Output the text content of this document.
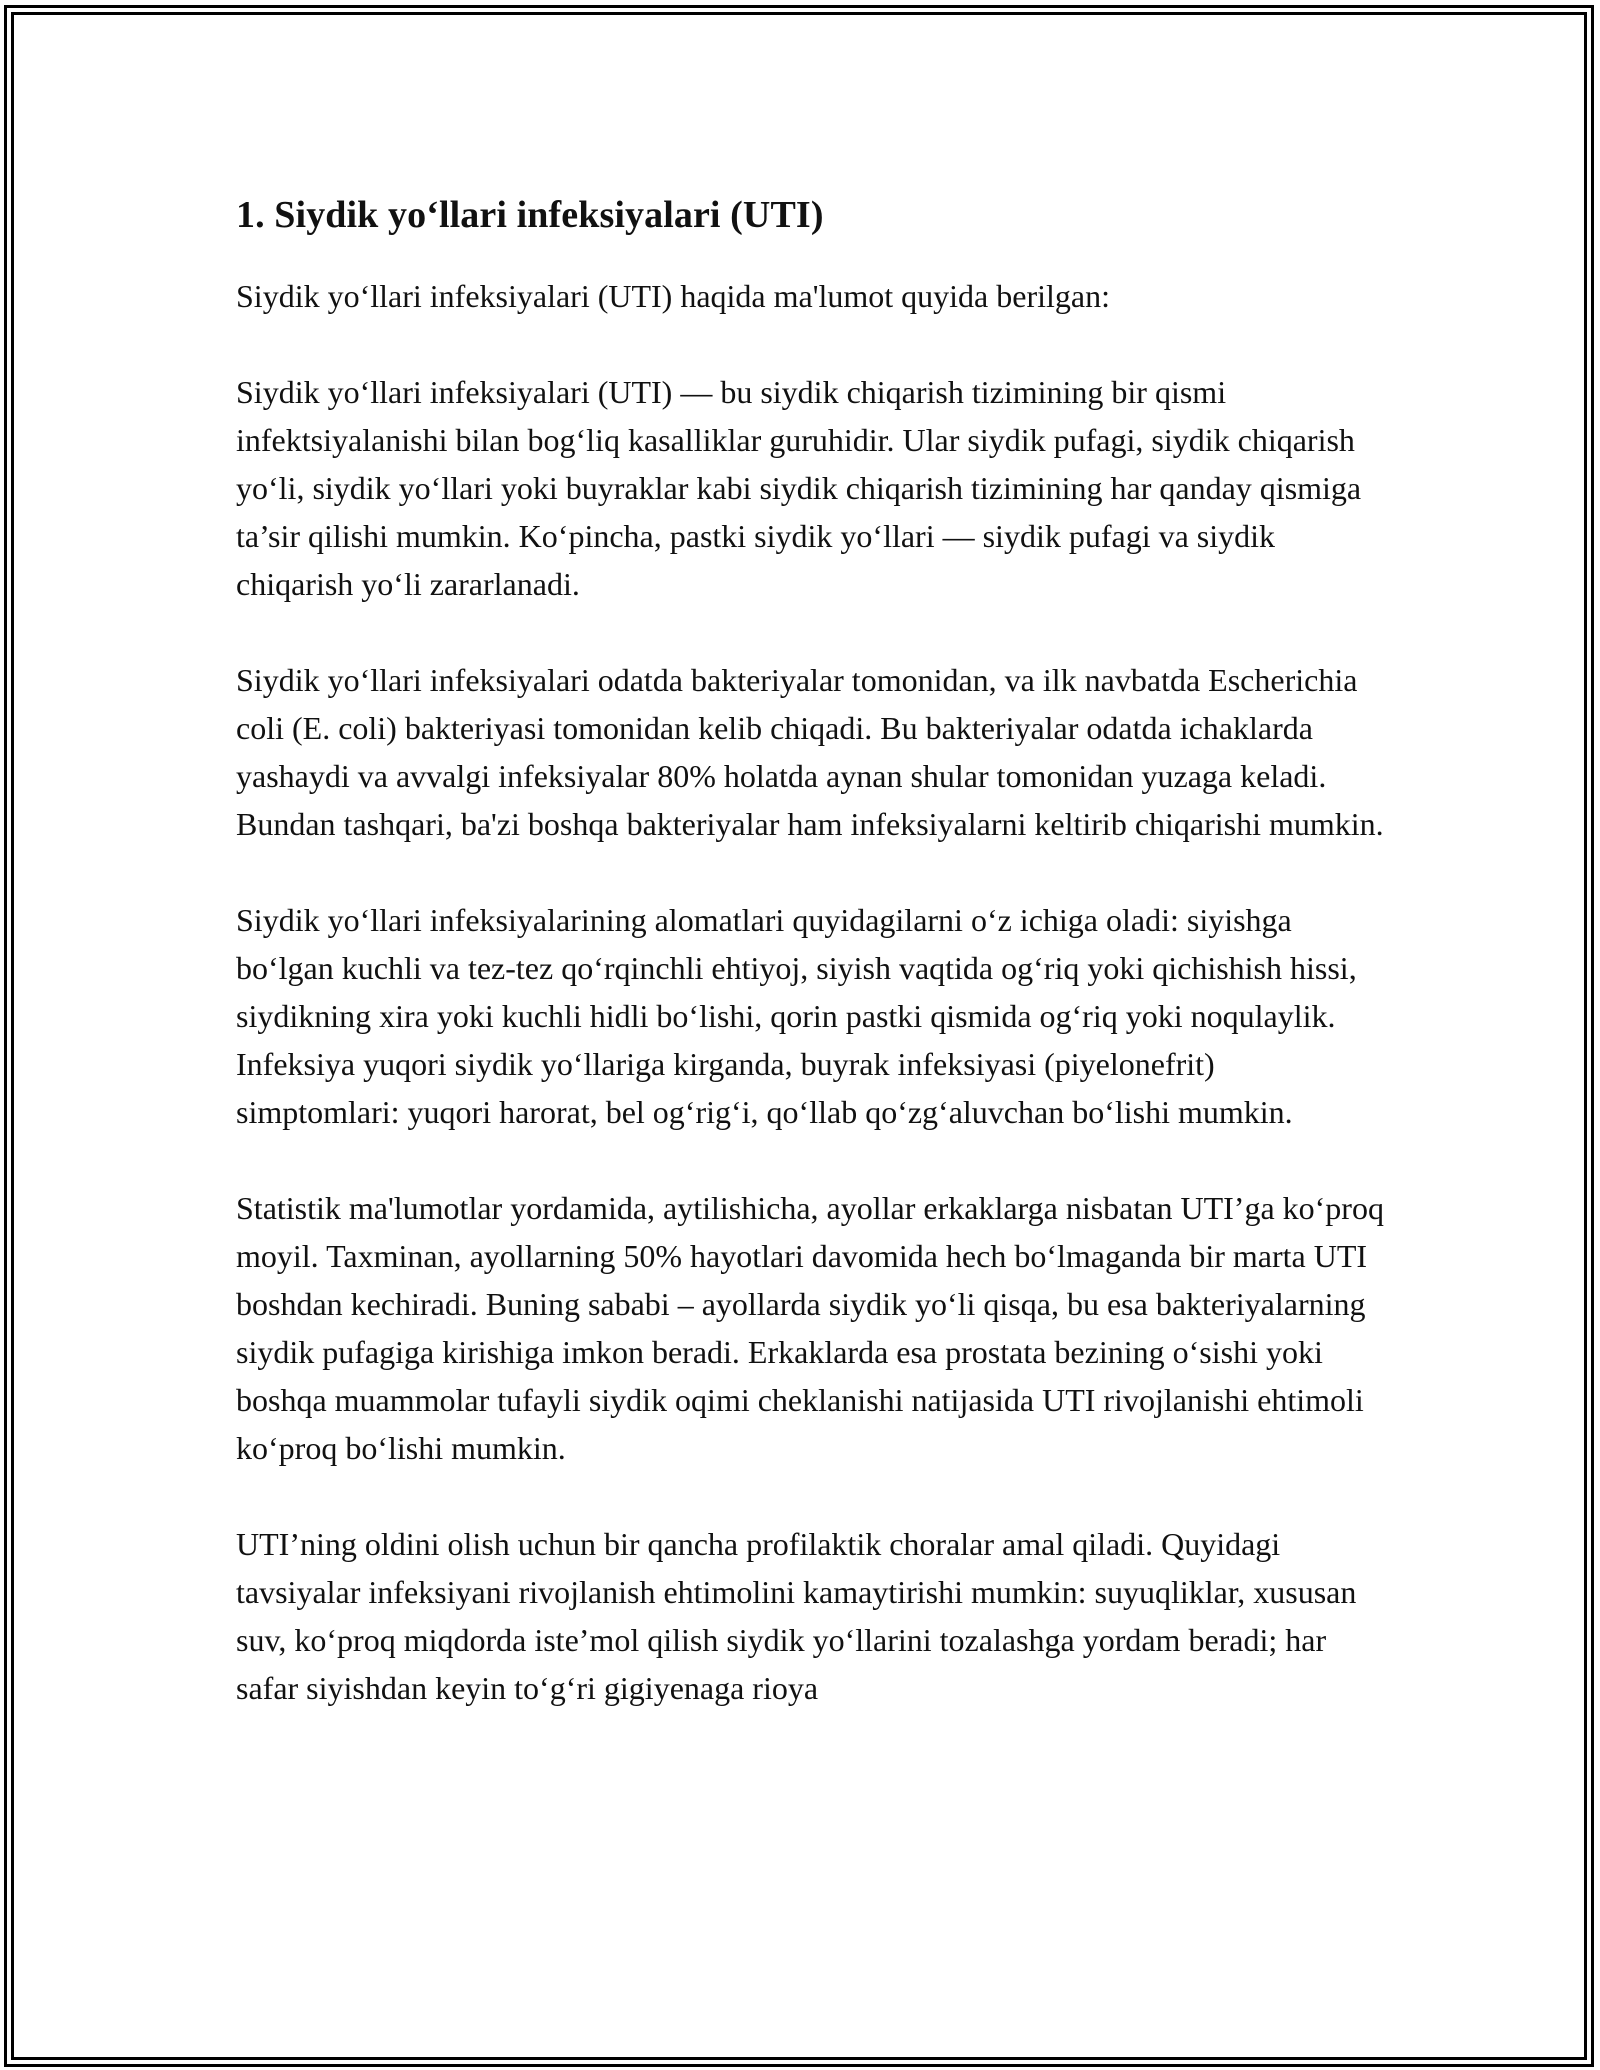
1. Siydik yo‘llari infeksiyalari (UTI)

Siydik yo‘llari infeksiyalari (UTI) haqida ma'lumot quyida berilgan:

Siydik yo‘llari infeksiyalari (UTI) — bu siydik chiqarish tizimining bir qismi infektsiyalanishi bilan bog‘liq kasalliklar guruhidir. Ular siydik pufagi, siydik chiqarish yo‘li, siydik yo‘llari yoki buyraklar kabi siydik chiqarish tizimining har qanday qismiga ta’sir qilishi mumkin. Ko‘pincha, pastki siydik yo‘llari — siydik pufagi va siydik chiqarish yo‘li zararlanadi.

Siydik yo‘llari infeksiyalari odatda bakteriyalar tomonidan, va ilk navbatda Escherichia coli (E. coli) bakteriyasi tomonidan kelib chiqadi. Bu bakteriyalar odatda ichaklarda yashaydi va avvalgi infeksiyalar 80% holatda aynan shular tomonidan yuzaga keladi. Bundan tashqari, ba'zi boshqa bakteriyalar ham infeksiyalarni keltirib chiqarishi mumkin.

Siydik yo‘llari infeksiyalarining alomatlari quyidagilarni o‘z ichiga oladi: siyishga bo‘lgan kuchli va tez-tez qo‘rqinchli ehtiyoj, siyish vaqtida og‘riq yoki qichishish hissi, siydikning xira yoki kuchli hidli bo‘lishi, qorin pastki qismida og‘riq yoki noqulaylik. Infeksiya yuqori siydik yo‘llariga kirganda, buyrak infeksiyasi (piyelonefrit) simptomlari: yuqori harorat, bel og‘rig‘i, qo‘llab qo‘zg‘aluvchan bo‘lishi mumkin.

Statistik ma'lumotlar yordamida, aytilishicha, ayollar erkaklarga nisbatan UTI’ga ko‘proq moyil. Taxminan, ayollarning 50% hayotlari davomida hech bo‘lmaganda bir marta UTI boshdan kechiradi. Buning sababi – ayollarda siydik yo‘li qisqa, bu esa bakteriyalarning siydik pufagiga kirishiga imkon beradi. Erkaklarda esa prostata bezining o‘sishi yoki boshqa muammolar tufayli siydik oqimi cheklanishi natijasida UTI rivojlanishi ehtimoli ko‘proq bo‘lishi mumkin.

UTI’ning oldini olish uchun bir qancha profilaktik choralar amal qiladi. Quyidagi tavsiyalar infeksiyani rivojlanish ehtimolini kamaytirishi mumkin: suyuqliklar, xususan suv, ko‘proq miqdorda iste’mol qilish siydik yo‘llarini tozalashga yordam beradi; har safar siyishdan keyin to‘g‘ri gigiyenaga rioya
